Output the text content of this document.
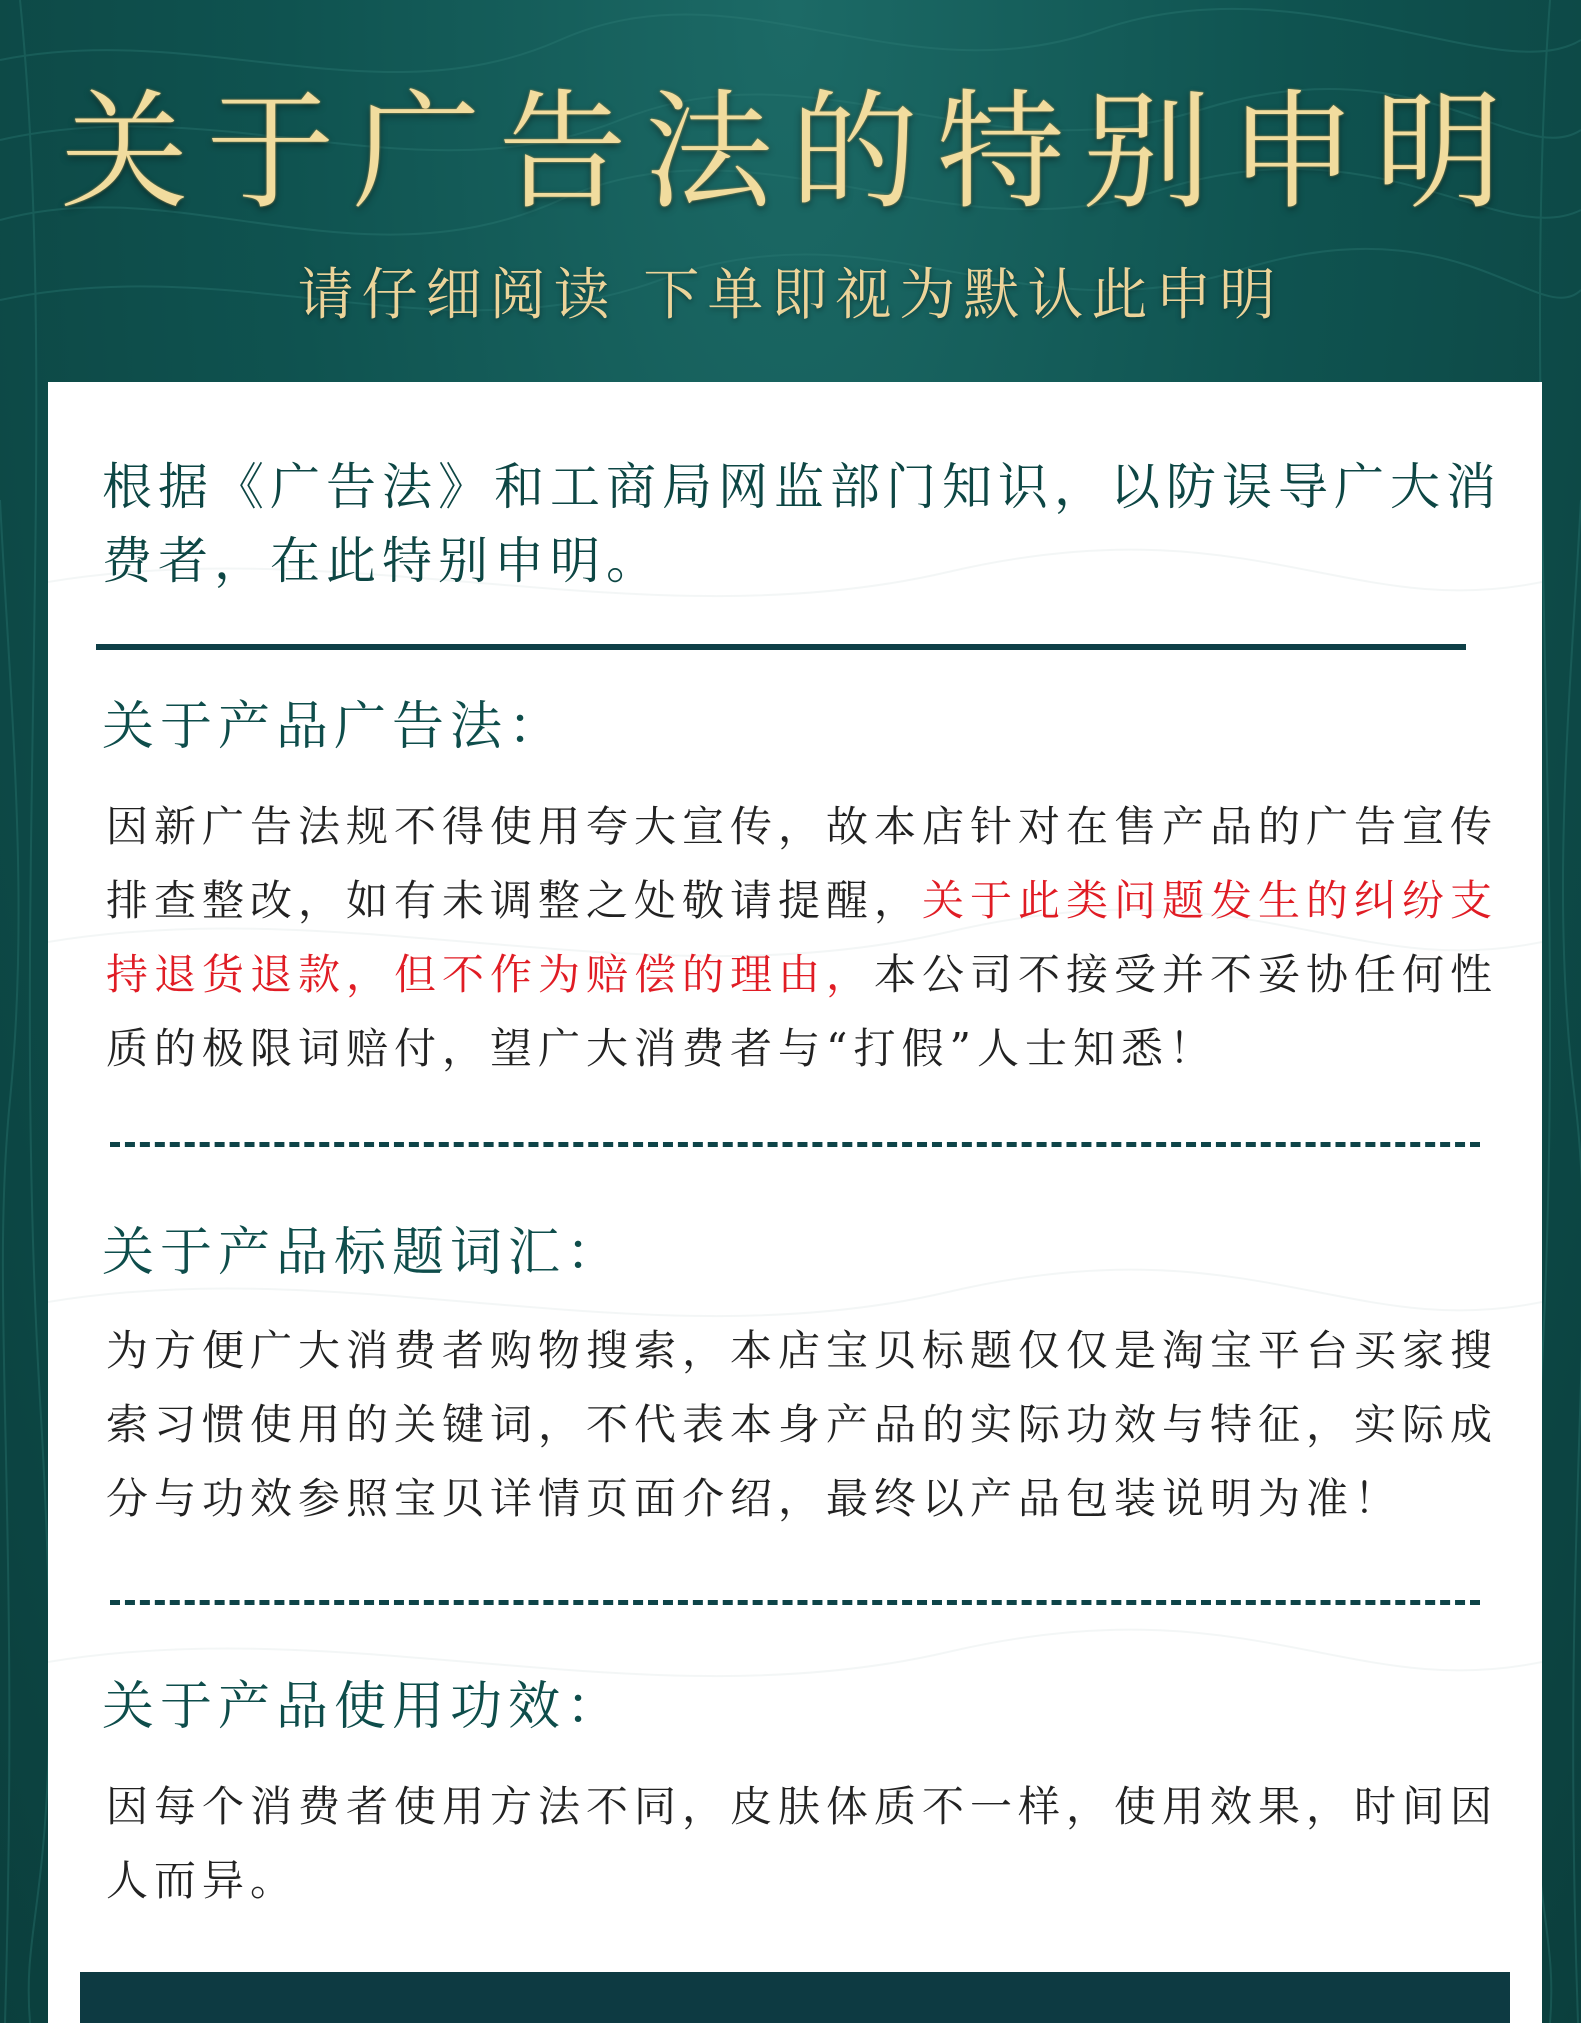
关于广告法的特别申明
请仔细阅读 下单即视为默认此申明
根据《广告法》和工商局网监部门知识，以防误导广大消费者，在此特别申明。
关于产品广告法：
因新广告法规不得使用夸大宣传，故本店针对在售产品的广告宣传排查整改，如有未调整之处敬请提醒，关于此类问题发生的纠纷支持退货退款，但不作为赔偿的理由，本公司不接受并不妥协任何性质的极限词赔付，望广大消费者与“打假”人士知悉！
关于产品标题词汇：
为方便广大消费者购物搜索，本店宝贝标题仅仅是淘宝平台买家搜索习惯使用的关键词，不代表本身产品的实际功效与特征，实际成分与功效参照宝贝详情页面介绍，最终以产品包装说明为准！
关于产品使用功效：
因每个消费者使用方法不同，皮肤体质不一样，使用效果，时间因人而异。
